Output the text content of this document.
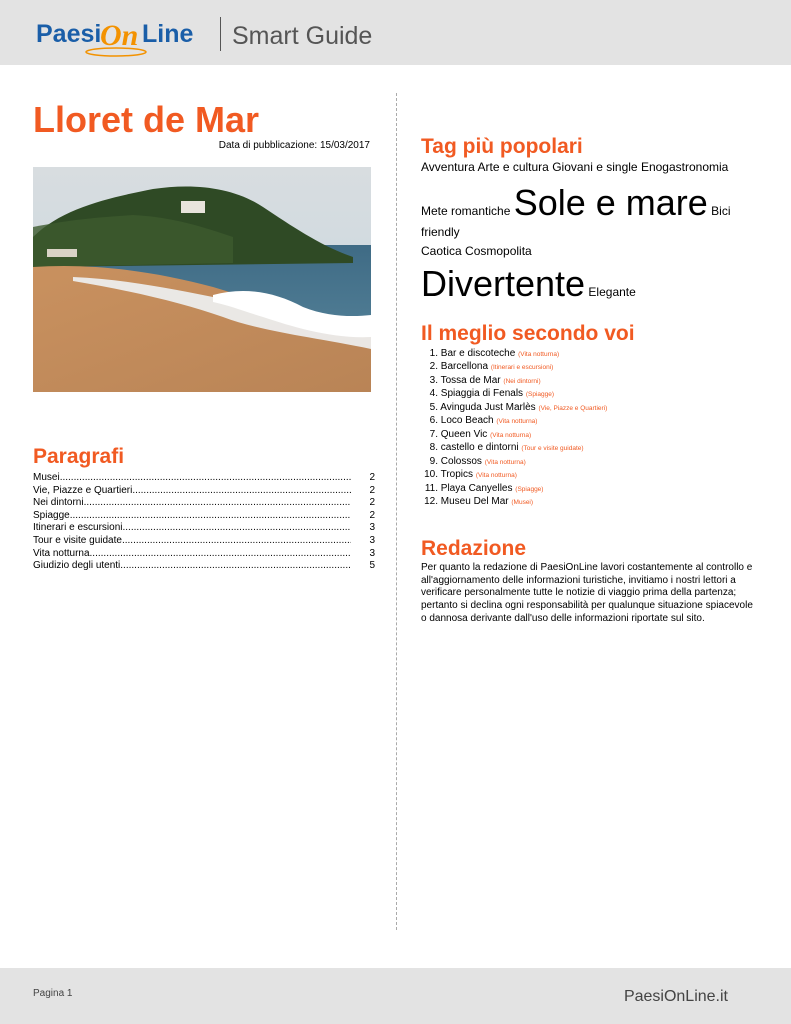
Paesi
On Line Smart Guide
Lloret de Mar
Data di pubblicazione: 15/03/2017
Paragrafi
Musei .....	2
Vie, Piazze e Quartieri .....	2
Nei dintorni .....	2
Spiagge .....	2
Itinerari e escursioni .....	3
Tour e visite guidate .....	3
Vita notturna .....	3
Giudizio degli utenti .....	5
Tag più popolari
Avventura Arte e cultura Giovani e single Enogastronomia
Mete romantiche Sole e mare Bici friendly
Caotica Cosmopolita
Divertente Elegante
Il meglio secondo voi
1. Bar e discoteche (Vita notturna)
2. Barcellona (Itinerari e escursioni)
3. Tossa de Mar (Nei dintorni)
4. Spiaggia di Fenals (Spiagge)
5. Avinguda Just Marlès (Vie, Piazze e Quartieri)
6. Loco Beach (Vita notturna)
7. Queen Vic (Vita notturna)
8. castello e dintorni (Tour e visite guidate)
9. Colossos (Vita notturna)
10. Tropics (Vita notturna)
11. Playa Canyelles (Spiagge)
12. Museu Del Mar (Musei)
Redazione
Per quanto la redazione di PaesiOnLine lavori costantemente al controllo e all'aggiornamento delle informazioni turistiche, invitiamo i nostri lettori a verificare personalmente tutte le notizie di viaggio prima della partenza; pertanto si declina ogni responsabilità per qualunque situazione spiacevole o dannosa derivante dall'uso delle informazioni riportate sul sito.
Pagina 1	PaesiOnLine.it
